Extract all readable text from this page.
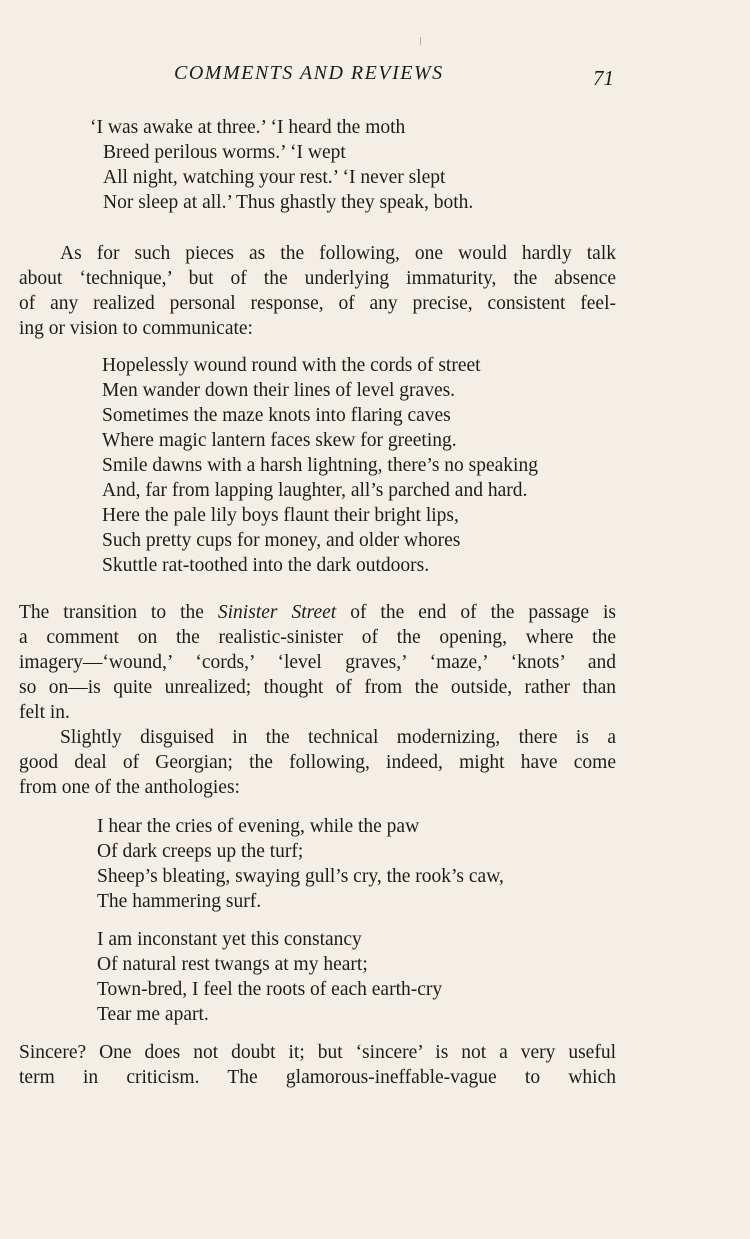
COMMENTS AND REVIEWS	71
‘I was awake at three.’ ‘I heard the moth
Breed perilous worms.’ ‘I wept
All night, watching your rest.’ ‘I never slept
Nor sleep at all.’ Thus ghastly they speak, both.
As for such pieces as the following, one would hardly talk
about ‘technique,’ but of the underlying immaturity, the absence
of any realized personal response, of any precise, consistent feel-
ing or vision to communicate:
Hopelessly wound round with the cords of street
Men wander down their lines of level graves.
Sometimes the maze knots into flaring caves
Where magic lantern faces skew for greeting.
Smile dawns with a harsh lightning, there’s no speaking
And, far from lapping laughter, all’s parched and hard.
Here the pale lily boys flaunt their bright lips,
Such pretty cups for money, and older whores
Skuttle rat-toothed into the dark outdoors.
The transition to the Sinister Street of the end of the passage is
a comment on the realistic-sinister of the opening, where the
imagery—‘wound,’ ‘cords,’ ‘level graves,’ ‘maze,’ ‘knots’ and
so on—is quite unrealized; thought of from the outside, rather than
felt in.
Slightly disguised in the technical modernizing, there is a
good deal of Georgian; the following, indeed, might have come
from one of the anthologies:
I hear the cries of evening, while the paw
Of dark creeps up the turf;
Sheep’s bleating, swaying gull’s cry, the rook’s caw,
The hammering surf.
I am inconstant yet this constancy
Of natural rest twangs at my heart;
Town-bred, I feel the roots of each earth-cry
Tear me apart.
Sincere? One does not doubt it; but ‘sincere’ is not a very useful
term in criticism. The glamorous-ineffable-vague to which
